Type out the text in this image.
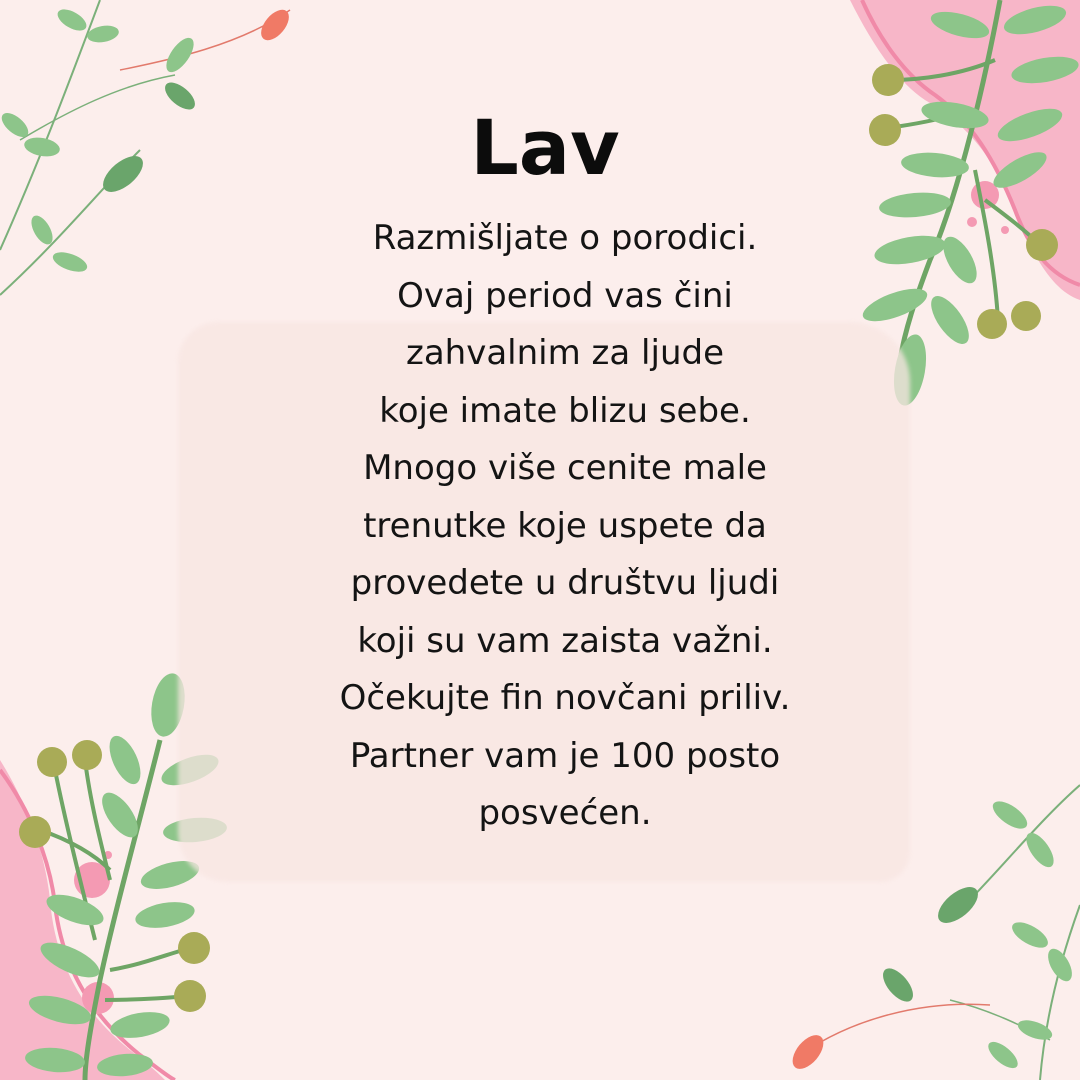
Lav
Razmišljate o porodici.
Ovaj period vas čini
zahvalnim za ljude
koje imate blizu sebe.
Mnogo više cenite male
trenutke koje uspete da
provedete u društvu ljudi
koji su vam zaista važni.
Očekujte fin novčani priliv.
Partner vam je 100 posto
posvećen.
